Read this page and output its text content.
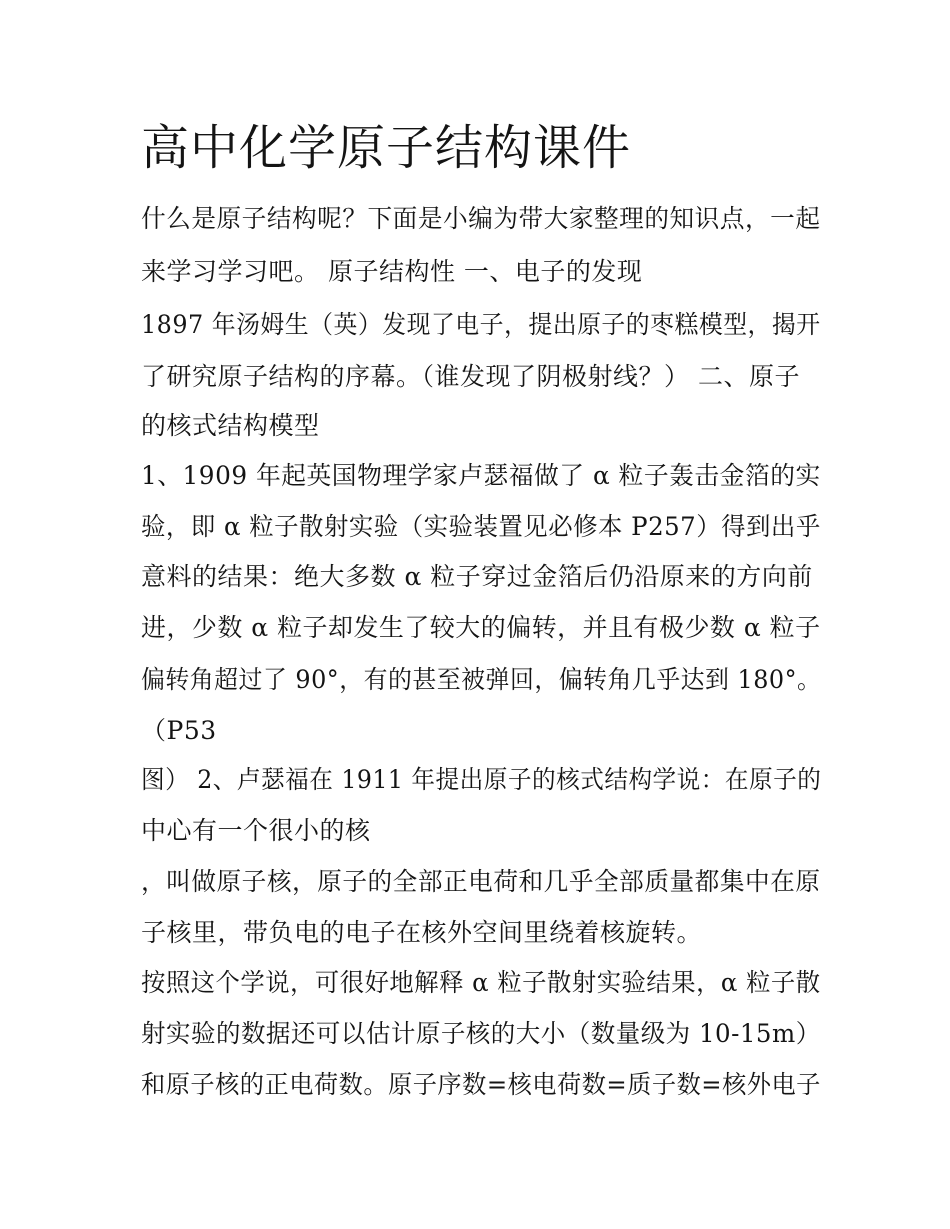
高中化学原子结构课件
什么是原子结构呢？下面是小编为带大家整理的知识点，一起
来学习学习吧。 原子结构性 一、电子的发现
1897 年汤姆生（英）发现了电子，提出原子的枣糕模型，揭开
了研究原子结构的序幕。（谁发现了阴极射线？） 二、原子
的核式结构模型
1、1909 年起英国物理学家卢瑟福做了 α 粒子轰击金箔的实
验，即 α 粒子散射实验（实验装置见必修本 P257）得到出乎
意料的结果：绝大多数 α 粒子穿过金箔后仍沿原来的方向前
进，少数 α 粒子却发生了较大的偏转，并且有极少数 α 粒子
偏转角超过了 90°，有的甚至被弹回，偏转角几乎达到 180°。
（P53
图） 2、卢瑟福在 1911 年提出原子的核式结构学说：在原子的
中心有一个很小的核
，叫做原子核，原子的全部正电荷和几乎全部质量都集中在原
子核里，带负电的电子在核外空间里绕着核旋转。
按照这个学说，可很好地解释 α 粒子散射实验结果，α 粒子散
射实验的数据还可以估计原子核的大小（数量级为 10-15m）
和原子核的正电荷数。原子序数=核电荷数=质子数=核外电子
